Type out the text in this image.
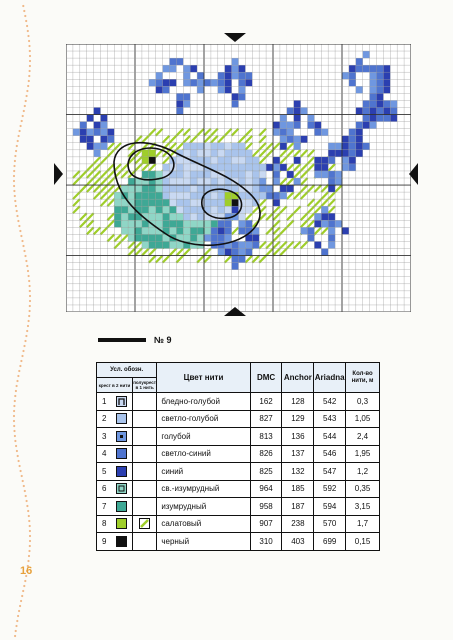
№ 9
Усл. обозн.			Цвет нити	DMC	Anchor	Ariadna	Кол-во нити, м
крест в 2 нити		полукрест в 1 нить					
1			бледно-голубой	162	128	542	0,3
2			светло-голубой	827	129	543	1,05
3			голубой	813	136	544	2,4
4			светло-синий	826	137	546	1,95
5			синий	825	132	547	1,2
6			св.-изумрудный	964	185	592	0,35
7			изумрудный	958	187	594	3,15
8			салатовый	907	238	570	1,7
9			черный	310	403	699	0,15
16
